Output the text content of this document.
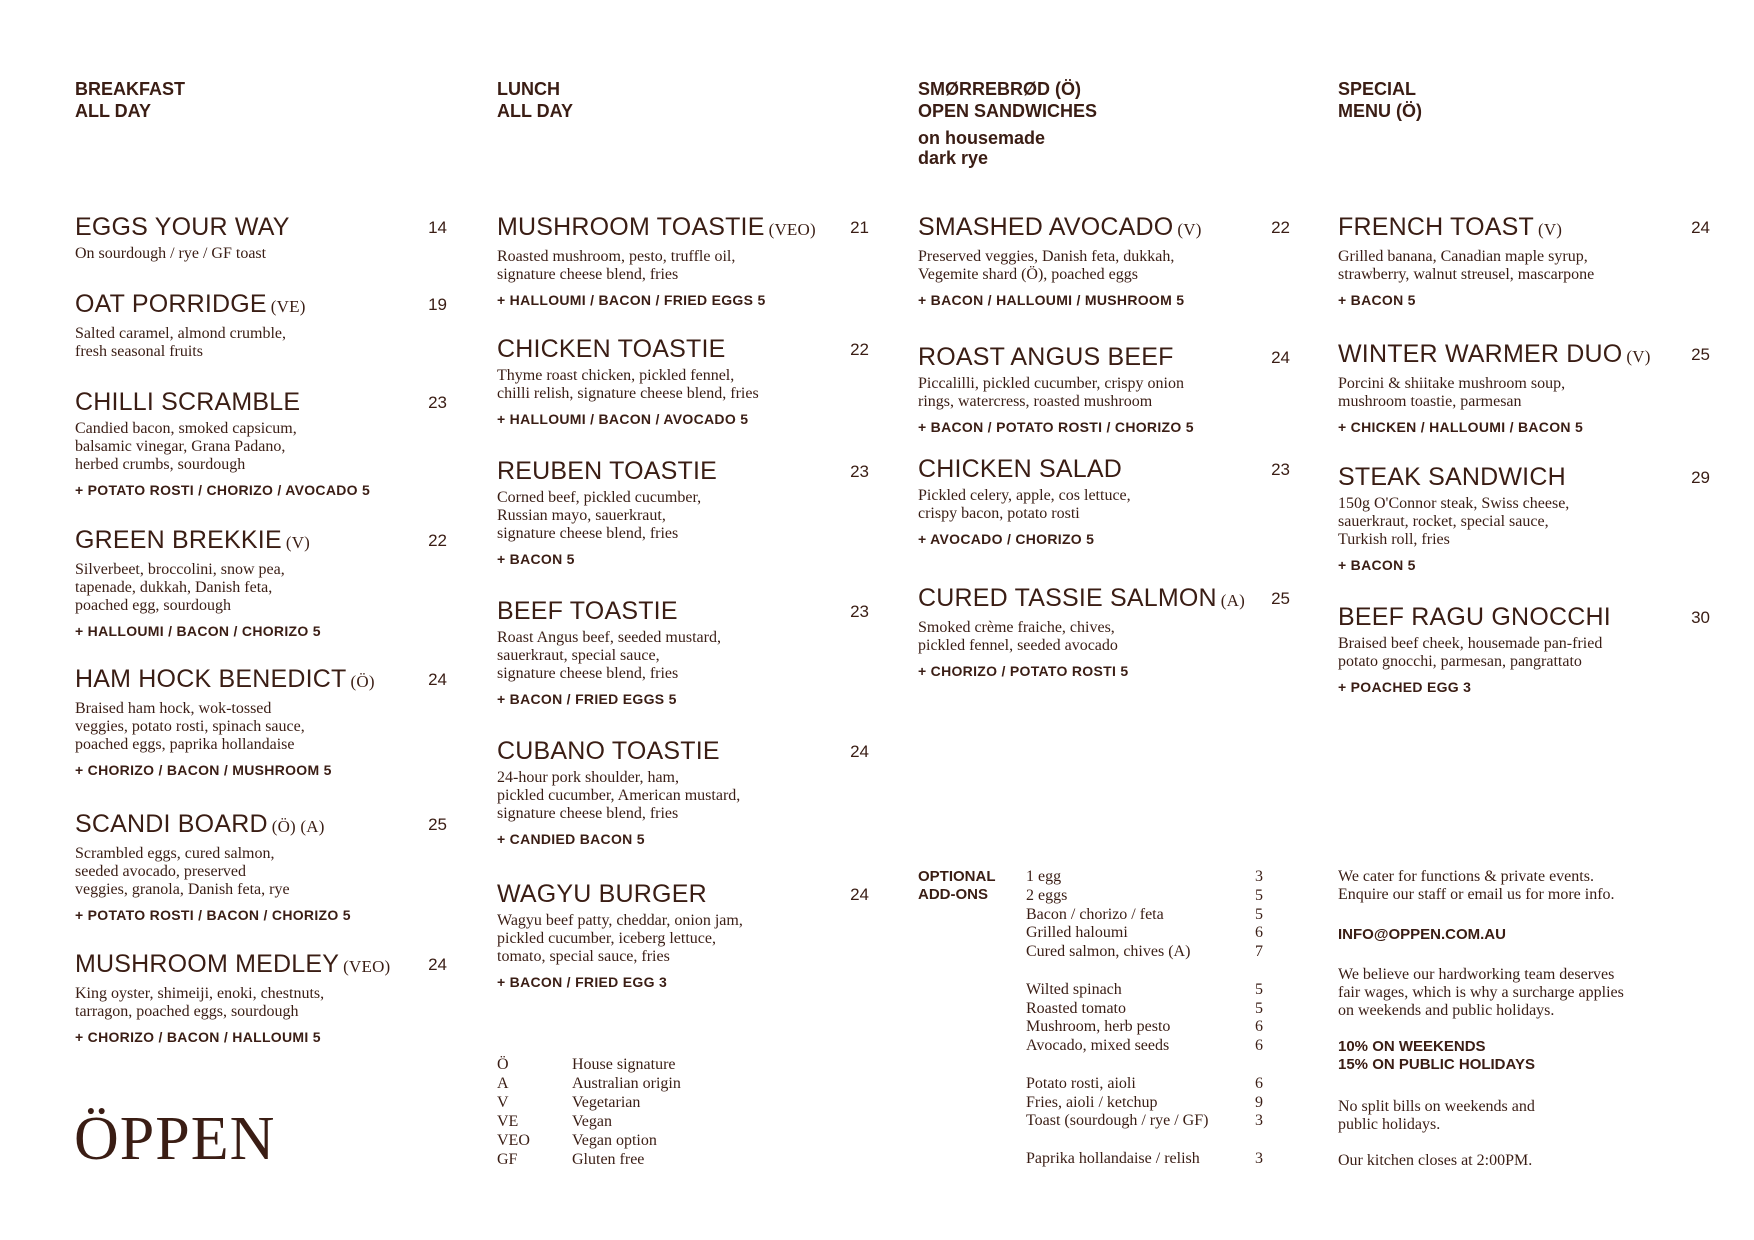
BREAKFAST
ALL DAY
EGGS YOUR WAY	14
On sourdough / rye / GF toast
OAT PORRIDGE (VE)	19
Salted caramel, almond crumble,
fresh seasonal fruits
CHILLI SCRAMBLE	23
Candied bacon, smoked capsicum,
balsamic vinegar, Grana Padano,
herbed crumbs, sourdough
+ POTATO ROSTI / CHORIZO / AVOCADO 5
GREEN BREKKIE (V)	22
Silverbeet, broccolini, snow pea,
tapenade, dukkah, Danish feta,
poached egg, sourdough
+ HALLOUMI / BACON / CHORIZO 5
HAM HOCK BENEDICT (Ö)	24
Braised ham hock, wok-tossed
veggies, potato rosti, spinach sauce,
poached eggs, paprika hollandaise
+ CHORIZO / BACON / MUSHROOM 5
SCANDI BOARD (Ö) (A)	25
Scrambled eggs, cured salmon,
seeded avocado, preserved
veggies, granola, Danish feta, rye
+ POTATO ROSTI / BACON / CHORIZO 5
MUSHROOM MEDLEY (VEO)	24
King oyster, shimeiji, enoki, chestnuts,
tarragon, poached eggs, sourdough
+ CHORIZO / BACON / HALLOUMI 5
LUNCH
ALL DAY
MUSHROOM TOASTIE (VEO)	21
Roasted mushroom, pesto, truffle oil,
signature cheese blend, fries
+ HALLOUMI / BACON / FRIED EGGS 5
CHICKEN TOASTIE	22
Thyme roast chicken, pickled fennel,
chilli relish, signature cheese blend, fries
+ HALLOUMI / BACON / AVOCADO 5
REUBEN TOASTIE	23
Corned beef, pickled cucumber,
Russian mayo, sauerkraut,
signature cheese blend, fries
+ BACON 5
BEEF TOASTIE	23
Roast Angus beef, seeded mustard,
sauerkraut, special sauce,
signature cheese blend, fries
+ BACON / FRIED EGGS 5
CUBANO TOASTIE	24
24-hour pork shoulder, ham,
pickled cucumber, American mustard,
signature cheese blend, fries
+ CANDIED BACON 5
WAGYU BURGER	24
Wagyu beef patty, cheddar, onion jam,
pickled cucumber, iceberg lettuce,
tomato, special sauce, fries
+ BACON / FRIED EGG 3
SMØRREBRØD (Ö)
OPEN SANDWICHES
on housemade
dark rye
SMASHED AVOCADO (V)	22
Preserved veggies, Danish feta, dukkah,
Vegemite shard (Ö), poached eggs
+ BACON / HALLOUMI / MUSHROOM 5
ROAST ANGUS BEEF	24
Piccalilli, pickled cucumber, crispy onion
rings, watercress, roasted mushroom
+ BACON / POTATO ROSTI / CHORIZO 5
CHICKEN SALAD	23
Pickled celery, apple, cos lettuce,
crispy bacon, potato rosti
+ AVOCADO / CHORIZO 5
CURED TASSIE SALMON (A)	25
Smoked crème fraiche, chives,
pickled fennel, seeded avocado
+ CHORIZO / POTATO ROSTI 5
SPECIAL
MENU (Ö)
FRENCH TOAST (V)	24
Grilled banana, Canadian maple syrup,
strawberry, walnut streusel, mascarpone
+ BACON 5
WINTER WARMER DUO (V)	25
Porcini & shiitake mushroom soup,
mushroom toastie, parmesan
+ CHICKEN / HALLOUMI / BACON 5
STEAK SANDWICH	29
150g O'Connor steak, Swiss cheese,
sauerkraut, rocket, special sauce,
Turkish roll, fries
+ BACON 5
BEEF RAGU GNOCCHI	30
Braised beef cheek, housemade pan-fried
potato gnocchi, parmesan, pangrattato
+ POACHED EGG 3
ÖPPEN
Ö	House signature
A	Australian origin
V	Vegetarian
VE	Vegan
VEO	Vegan option
GF	Gluten free
OPTIONAL
ADD-ONS
1 egg	3
2 eggs	5
Bacon / chorizo / feta	5
Grilled haloumi	6
Cured salmon, chives (A)	7
Wilted spinach	5
Roasted tomato	5
Mushroom, herb pesto	6
Avocado, mixed seeds	6
Potato rosti, aioli	6
Fries, aioli / ketchup	9
Toast (sourdough / rye / GF)	3
Paprika hollandaise / relish	3

We cater for functions & private events.
Enquire our staff or email us for more info.

INFO@OPPEN.COM.AU

We believe our hardworking team deserves
fair wages, which is why a surcharge applies
on weekends and public holidays.

10% ON WEEKENDS
15% ON PUBLIC HOLIDAYS

No split bills on weekends and
public holidays.

Our kitchen closes at 2:00PM.
